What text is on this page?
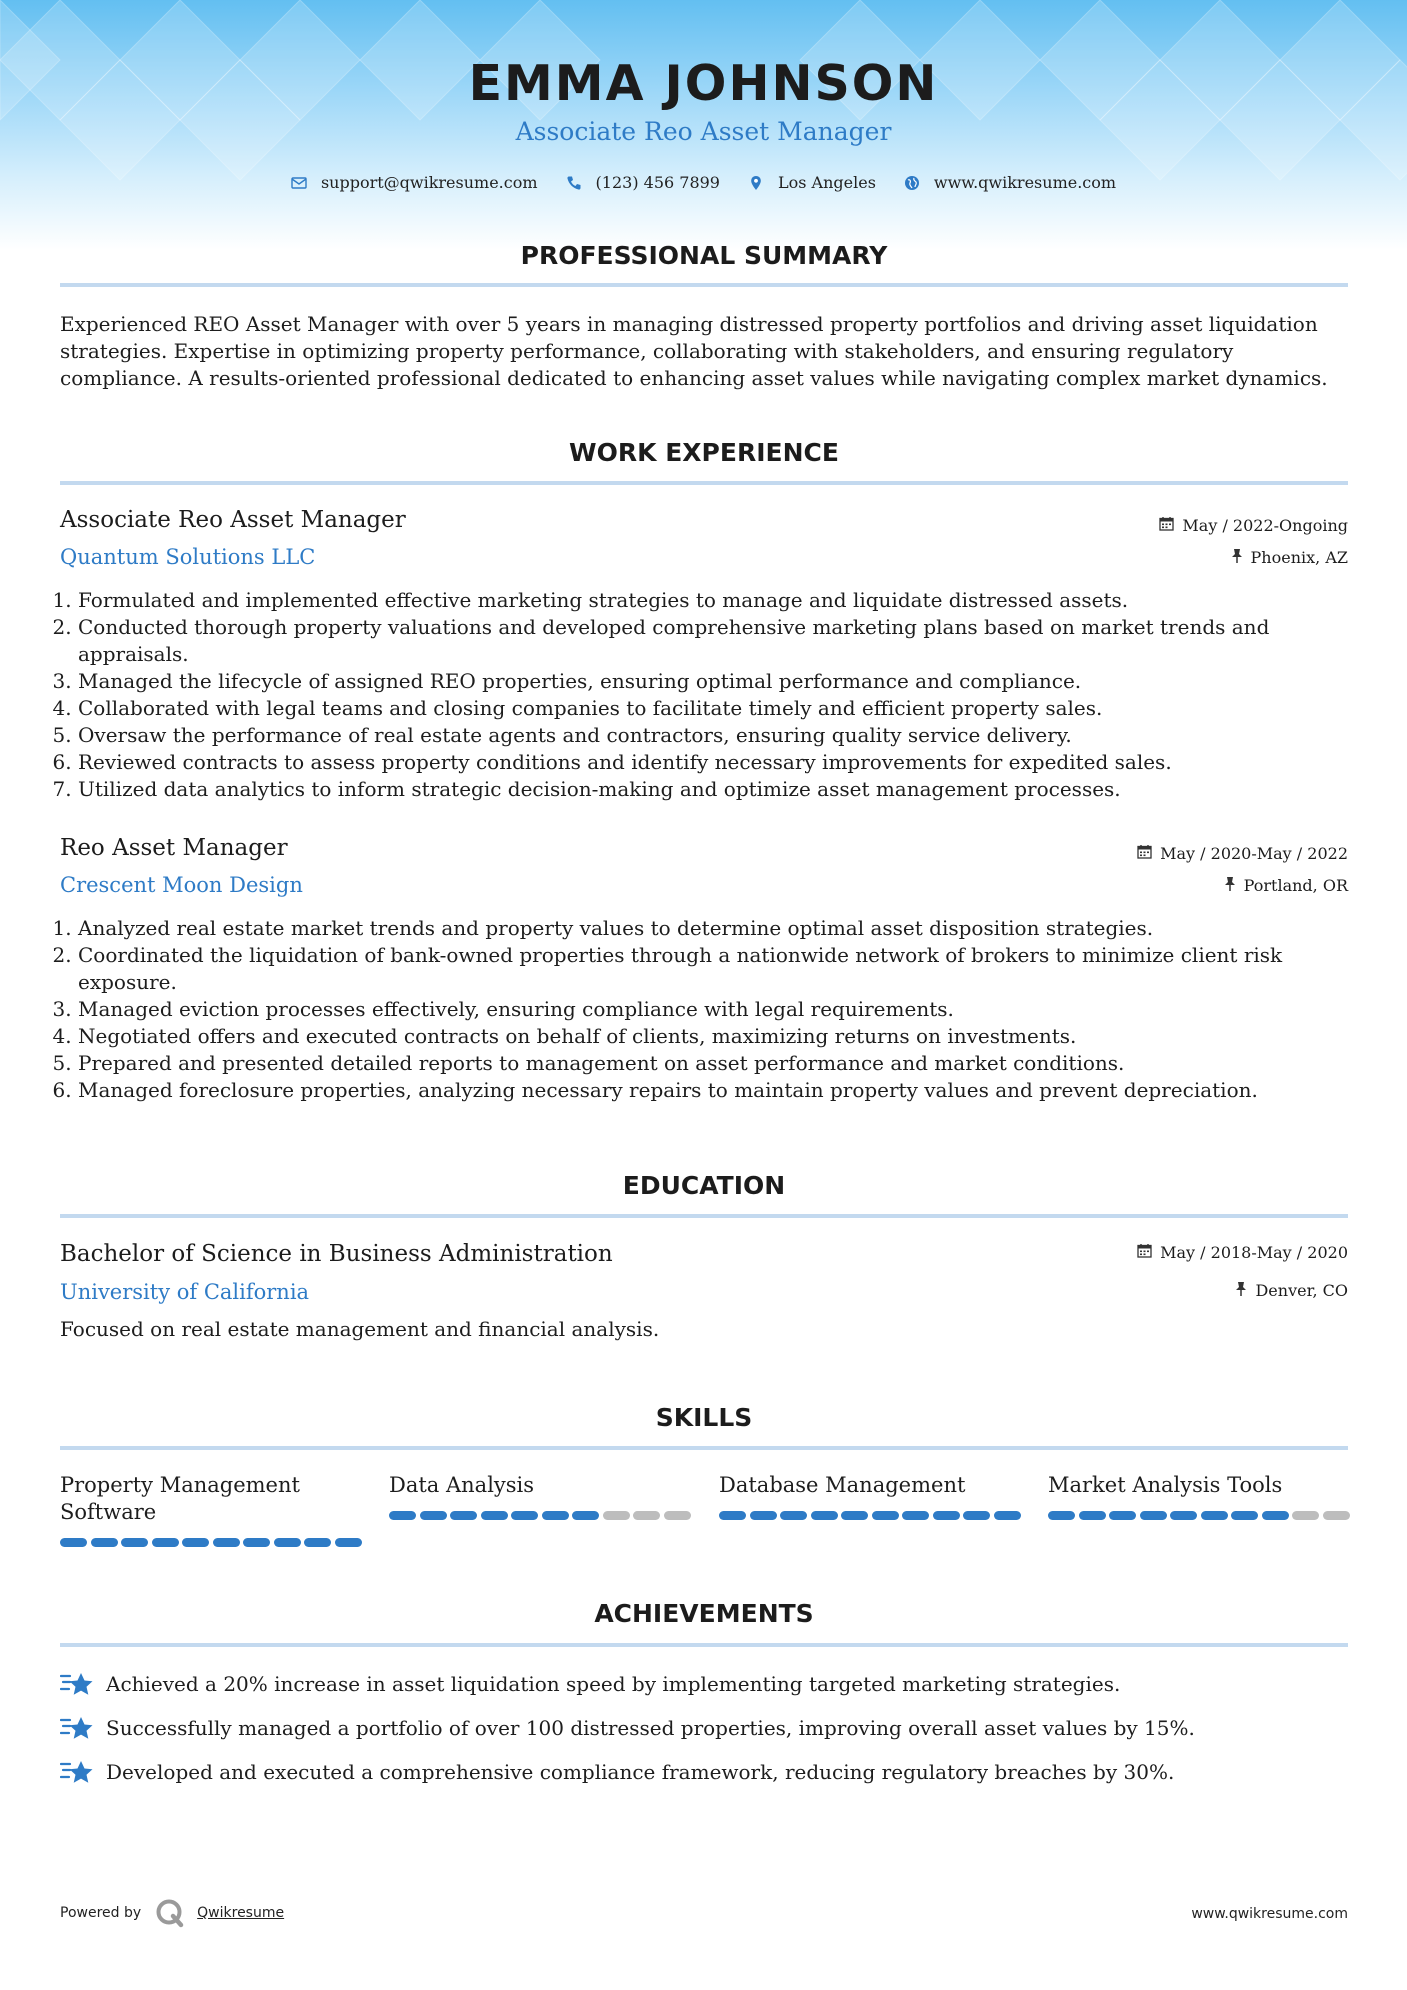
EMMA JOHNSON
Associate Reo Asset Manager
support@qwikresume.com	(123) 456 7899	Los Angeles	www.qwikresume.com
PROFESSIONAL SUMMARY
Experienced REO Asset Manager with over 5 years in managing distressed property portfolios and driving asset liquidation strategies. Expertise in optimizing property performance, collaborating with stakeholders, and ensuring regulatory compliance. A results-oriented professional dedicated to enhancing asset values while navigating complex market dynamics.
WORK EXPERIENCE
Associate Reo Asset Manager
Quantum Solutions LLC
May / 2022-Ongoing
Phoenix, AZ
1. Formulated and implemented effective marketing strategies to manage and liquidate distressed assets.
2. Conducted thorough property valuations and developed comprehensive marketing plans based on market trends and appraisals.
3. Managed the lifecycle of assigned REO properties, ensuring optimal performance and compliance.
4. Collaborated with legal teams and closing companies to facilitate timely and efficient property sales.
5. Oversaw the performance of real estate agents and contractors, ensuring quality service delivery.
6. Reviewed contracts to assess property conditions and identify necessary improvements for expedited sales.
7. Utilized data analytics to inform strategic decision-making and optimize asset management processes.
Reo Asset Manager
Crescent Moon Design
May / 2020-May / 2022
Portland, OR
1. Analyzed real estate market trends and property values to determine optimal asset disposition strategies.
2. Coordinated the liquidation of bank-owned properties through a nationwide network of brokers to minimize client risk exposure.
3. Managed eviction processes effectively, ensuring compliance with legal requirements.
4. Negotiated offers and executed contracts on behalf of clients, maximizing returns on investments.
5. Prepared and presented detailed reports to management on asset performance and market conditions.
6. Managed foreclosure properties, analyzing necessary repairs to maintain property values and prevent depreciation.
EDUCATION
Bachelor of Science in Business Administration
University of California
May / 2018-May / 2020
Denver, CO
Focused on real estate management and financial analysis.
SKILLS
Property Management Software
Data Analysis	Database Management	Market Analysis Tools
ACHIEVEMENTS
Achieved a 20% increase in asset liquidation speed by implementing targeted marketing strategies.
Successfully managed a portfolio of over 100 distressed properties, improving overall asset values by 15%.
Developed and executed a comprehensive compliance framework, reducing regulatory breaches by 30%.
Powered by	Qwikresume	www.qwikresume.com
